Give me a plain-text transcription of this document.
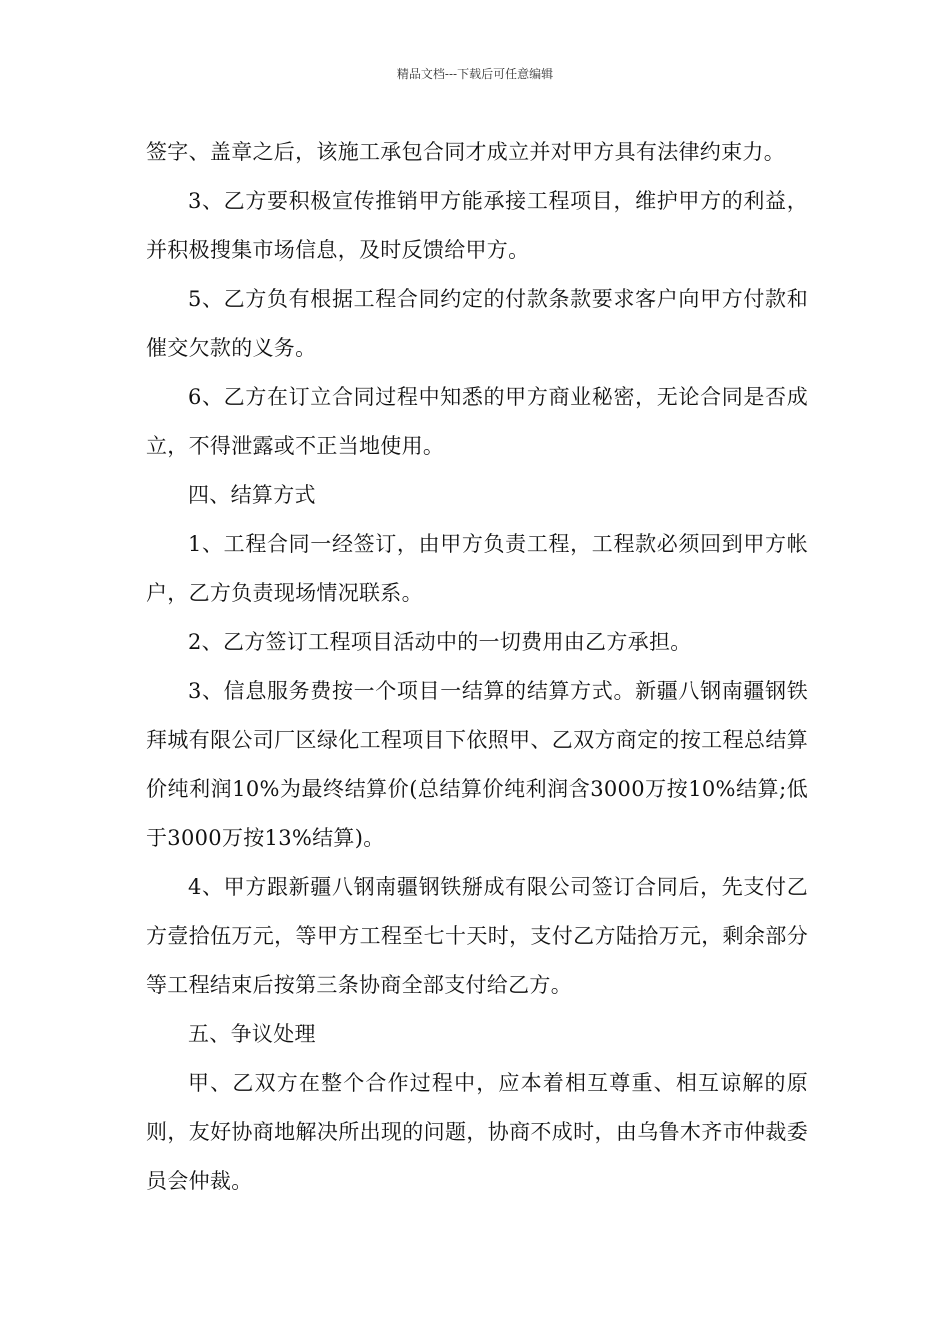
精品文档---下载后可任意编辑

签字、盖章之后，该施工承包合同才成立并对甲方具有法律约束力。

3、乙方要积极宣传推销甲方能承接工程项目，维护甲方的利益，并积极搜集市场信息，及时反馈给甲方。

5、乙方负有根据工程合同约定的付款条款要求客户向甲方付款和催交欠款的义务。

6、乙方在订立合同过程中知悉的甲方商业秘密，无论合同是否成立，不得泄露或不正当地使用。

四、结算方式

1、工程合同一经签订，由甲方负责工程，工程款必须回到甲方帐户，乙方负责现场情况联系。

2、乙方签订工程项目活动中的一切费用由乙方承担。

3、信息服务费按一个项目一结算的结算方式。新疆八钢南疆钢铁拜城有限公司厂区绿化工程项目下依照甲、乙双方商定的按工程总结算价纯利润10%为最终结算价(总结算价纯利润含3000万按10%结算;低于3000万按13%结算)。

4、甲方跟新疆八钢南疆钢铁掰成有限公司签订合同后，先支付乙方壹拾伍万元，等甲方工程至七十天时，支付乙方陆拾万元，剩余部分等工程结束后按第三条协商全部支付给乙方。

五、争议处理

甲、乙双方在整个合作过程中，应本着相互尊重、相互谅解的原则，友好协商地解决所出现的问题，协商不成时，由乌鲁木齐市仲裁委员会仲裁。
